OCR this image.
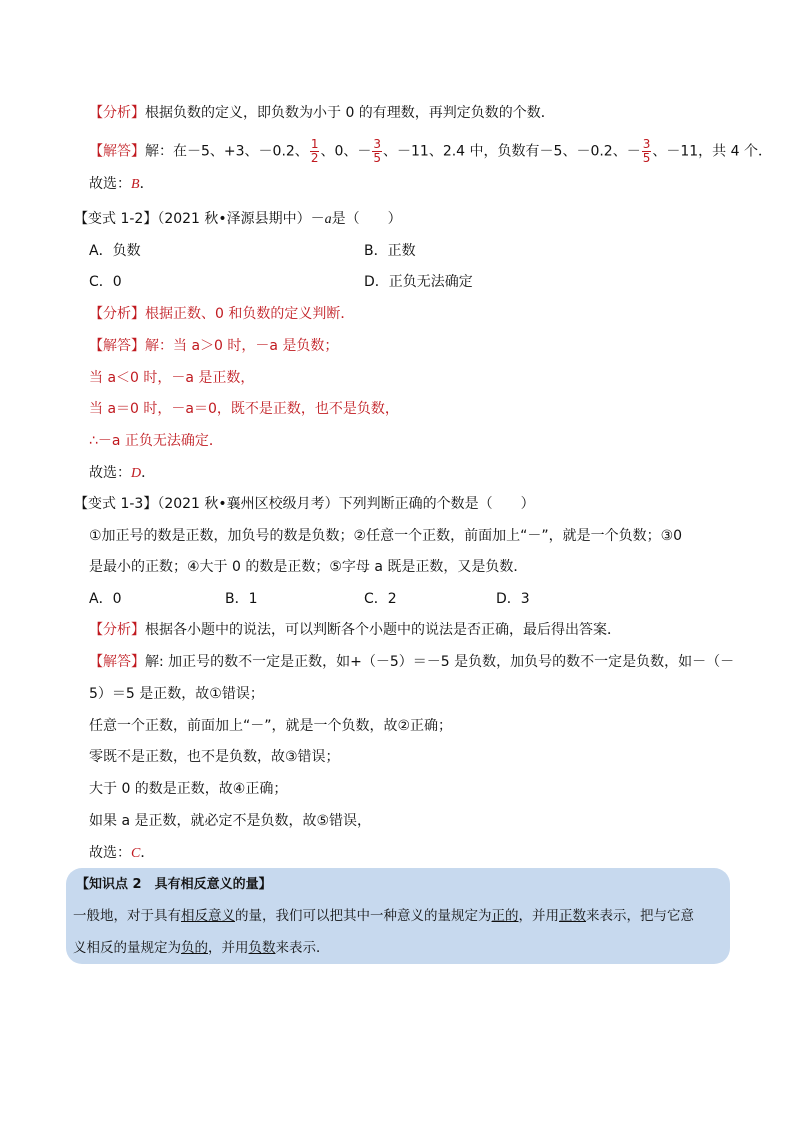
【分析】根据负数的定义，即负数为小于 0 的有理数，再判定负数的个数．
【解答】解：在－5、+3、－0.2、 $\frac{1}{2}$ 、0、－ $\frac{3}{5}$ 、－11、2.4 中，负数有－5、－0.2、－ $\frac{3}{5}$ 、－11，共 4 个．
故选：B．
【变式 1-2】（2021 秋•泽源县期中）－a是（　　）
A．负数	B．正数
C．0	D．正负无法确定
【分析】根据正数、0 和负数的定义判断．
【解答】解：当 a＞0 时，－a 是负数；
当 a＜0 时，－a 是正数，
当 a＝0 时，－a＝0，既不是正数，也不是负数，
∴－a 正负无法确定．
故选：D．
【变式 1-3】（2021 秋•襄州区校级月考）下列判断正确的个数是（　　）
①加正号的数是正数，加负号的数是负数；②任意一个正数，前面加上“－”，就是一个负数；③0
是最小的正数；④大于 0 的数是正数；⑤字母 a 既是正数，又是负数．
A．0	B．1	C．2	D．3
【分析】根据各小题中的说法，可以判断各个小题中的说法是否正确，最后得出答案．
【解答】解: 加正号的数不一定是正数，如+（－5）＝－5 是负数，加负号的数不一定是负数，如－（－
5）＝5 是正数，故①错误；
任意一个正数，前面加上“－”，就是一个负数，故②正确；
零既不是正数，也不是负数，故③错误；
大于 0 的数是正数，故④正确；
如果 a 是正数，就必定不是负数，故⑤错误，
故选：C．
【知识点 2　具有相反意义的量】
一般地，对于具有相反意义的量，我们可以把其中一种意义的量规定为正的，并用正数来表示，把与它意
义相反的量规定为负的，并用负数来表示．
